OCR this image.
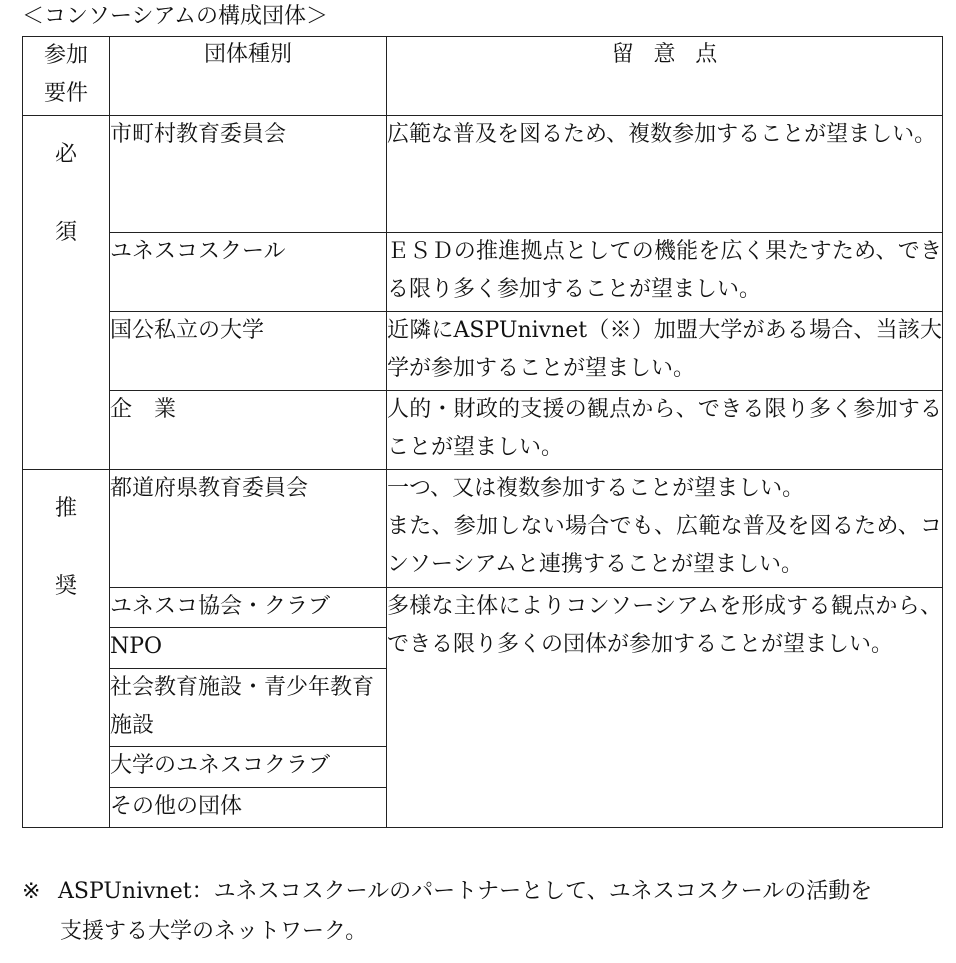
＜コンソーシアムの構成団体＞
参加
要件	団体種別	留意点
必
須	市町村教育委員会	広範な普及を図るため、複数参加することが望ましい。
	ユネスコスクール	ＥＳＤの推進拠点としての機能を広く果たすため、できる限り多く参加することが望ましい。
	国公私立の大学	近隣にASPUnivnet（※）加盟大学がある場合、当該大学が参加することが望ましい。
	企　業	人的・財政的支援の観点から、できる限り多く参加することが望ましい。
推
奨	都道府県教育委員会	一つ、又は複数参加することが望ましい。
また、参加しない場合でも、広範な普及を図るため、コンソーシアムと連携することが望ましい。

	ユネスコ協会・クラブ	多様な主体によりコンソーシアムを形成する観点から、できる限り多くの団体が参加することが望ましい。
	NPO	
	社会教育施設・青少年教育施設	
	大学のユネスコクラブ	
	その他の団体	
※ ASPUnivnet：ユネスコスクールのパートナーとして、ユネスコスクールの活動を
支援する大学のネットワーク。
